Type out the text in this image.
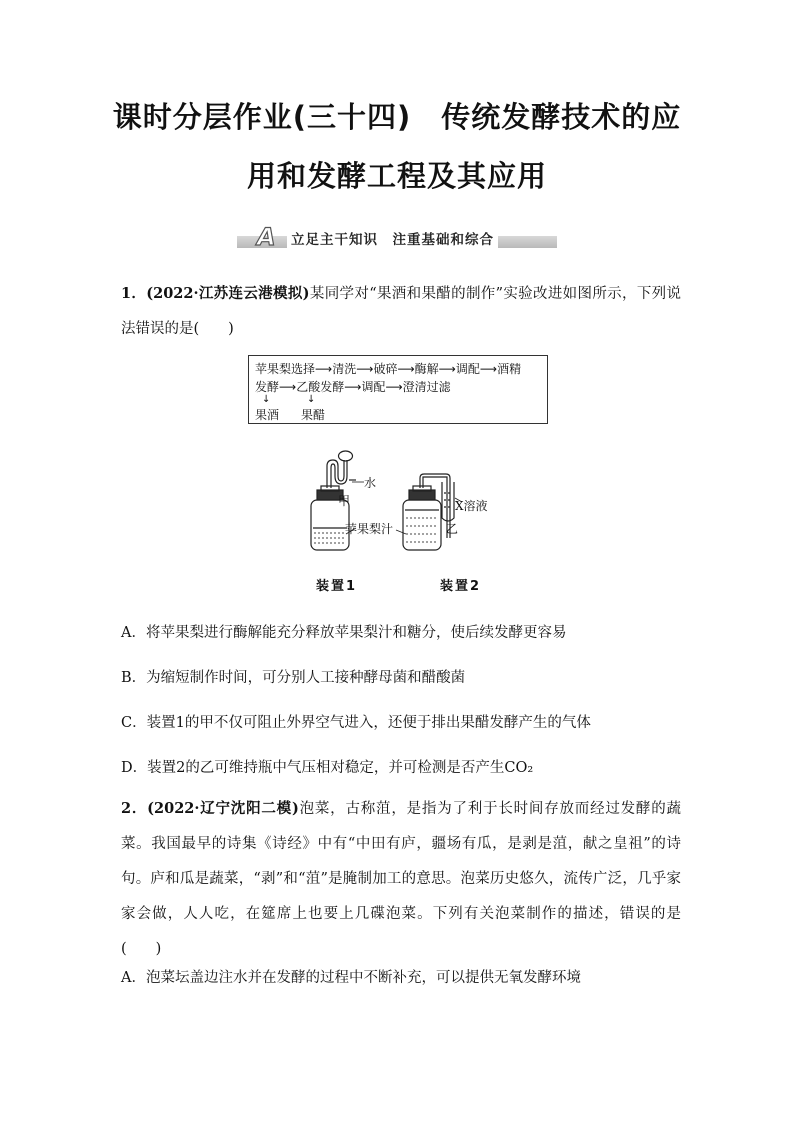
课时分层作业(三十四)　传统发酵技术的应
用和发酵工程及其应用
A 立足主干知识　注重基础和综合
1．(2022·江苏连云港模拟)某同学对“果酒和果醋的制作”实验改进如图所示，下列说法错误的是(　　)
苹果梨选择⟶清洗⟶破碎⟶酶解⟶调配⟶酒精
发酵⟶乙酸发酵⟶调配⟶澄清过滤
↓	↓
果酒 果醋
水
甲
苹果梨汁
X溶液
乙
装置1	装置2
A．将苹果梨进行酶解能充分释放苹果梨汁和糖分，使后续发酵更容易
B．为缩短制作时间，可分别人工接种酵母菌和醋酸菌
C．装置1的甲不仅可阻止外界空气进入，还便于排出果醋发酵产生的气体
D．装置2的乙可维持瓶中气压相对稳定，并可检测是否产生CO₂
2．(2022·辽宁沈阳二模)泡菜，古称菹，是指为了利于长时间存放而经过发酵的蔬菜。我国最早的诗集《诗经》中有“中田有庐，疆场有瓜，是剥是菹，献之皇祖”的诗句。庐和瓜是蔬菜，“剥”和“菹”是腌制加工的意思。泡菜历史悠久，流传广泛，几乎家家会做，人人吃，在筵席上也要上几碟泡菜。下列有关泡菜制作的描述，错误的是(　　)
A．泡菜坛盖边注水并在发酵的过程中不断补充，可以提供无氧发酵环境
